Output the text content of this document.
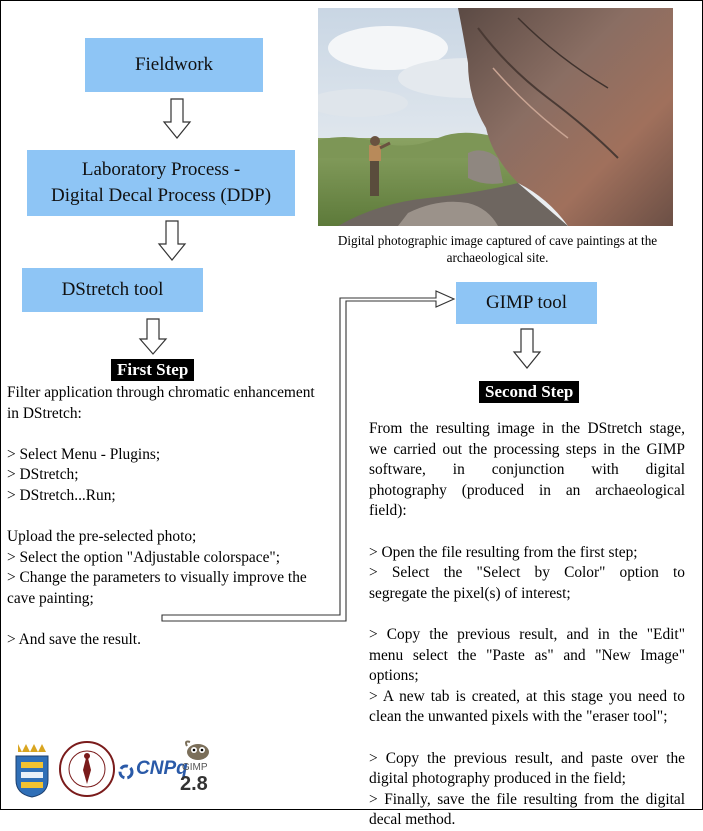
Fieldwork
Laboratory Process -
Digital Decal Process (DDP)
DStretch tool
GIMP tool
Digital photographic image captured of cave paintings at the
archaeological site.
First Step
Second Step
Filter application through chromatic enhancement
in DStretch:
> Select Menu - Plugins;
> DStretch;
> DStretch...Run;
Upload the pre-selected photo;
> Select the option "Adjustable colorspace";
> Change the parameters to visually improve the
cave painting;
> And save the result.
From the resulting image in the DStretch stage,
we carried out the processing steps in the GIMP
software, in conjunction with digital
photography (produced in an archaeological
field):
> Open the file resulting from the first step;
> Select the "Select by Color" option to
segregate the pixel(s) of interest;
> Copy the previous result, and in the "Edit"
menu select the "Paste as" and "New Image"
options;
> A new tab is created, at this stage you need to
clean the unwanted pixels with the "eraser tool";
> Copy the previous result, and paste over the
digital photography produced in the field;
> Finally, save the file resulting from the digital
decal method.
CNPq
GIMP
2.8
